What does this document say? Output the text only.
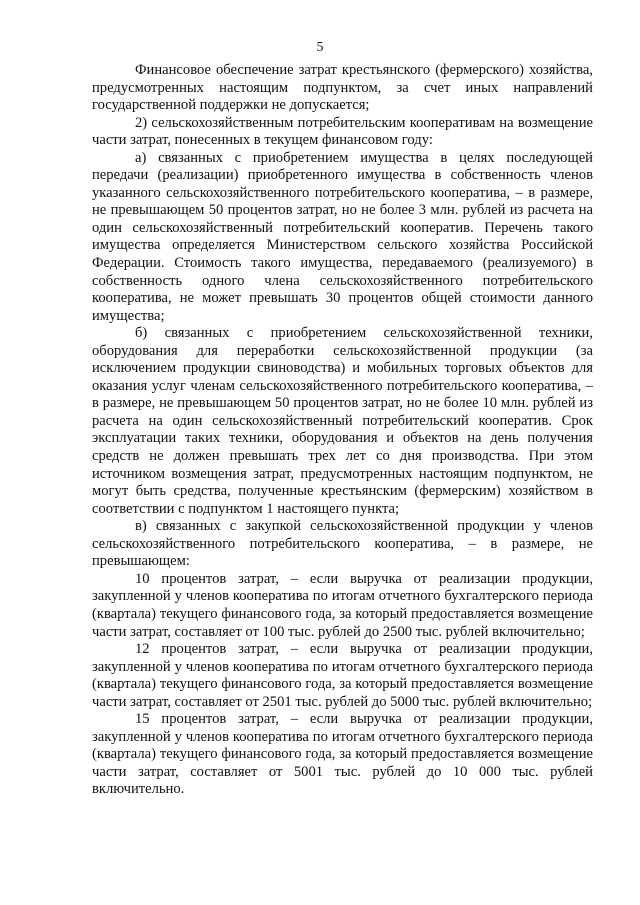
5

Финансовое обеспечение затрат крестьянского (фермерского) хозяйства, предусмотренных настоящим подпунктом, за счет иных направлений государственной поддержки не допускается;

2) сельскохозяйственным потребительским кооперативам на возмещение части затрат, понесенных в текущем финансовом году:

а) связанных с приобретением имущества в целях последующей передачи (реализации) приобретенного имущества в собственность членов указанного сельскохозяйственного потребительского кооператива, – в размере, не превышающем 50 процентов затрат, но не более 3 млн. рублей из расчета на один сельскохозяйственный потребительский кооператив. Перечень такого имущества определяется Министерством сельского хозяйства Российской Федерации. Стоимость такого имущества, передаваемого (реализуемого) в собственность одного члена сельскохозяйственного потребительского кооператива, не может превышать 30 процентов общей стоимости данного имущества;

б) связанных с приобретением сельскохозяйственной техники, оборудования для переработки сельскохозяйственной продукции (за исключением продукции свиноводства) и мобильных торговых объектов для оказания услуг членам сельскохозяйственного потребительского кооператива, – в размере, не превышающем 50 процентов затрат, но не более 10 млн. рублей из расчета на один сельскохозяйственный потребительский кооператив. Срок эксплуатации таких техники, оборудования и объектов на день получения средств не должен превышать трех лет со дня производства. При этом источником возмещения затрат, предусмотренных настоящим подпунктом, не могут быть средства, полученные крестьянским (фермерским) хозяйством в соответствии с подпунктом 1 настоящего пункта;

в) связанных с закупкой сельскохозяйственной продукции у членов сельскохозяйственного потребительского кооператива, – в размере, не превышающем:

10 процентов затрат, – если выручка от реализации продукции, закупленной у членов кооператива по итогам отчетного бухгалтерского периода (квартала) текущего финансового года, за который предоставляется возмещение части затрат, составляет от 100 тыс. рублей до 2500 тыс. рублей включительно;

12 процентов затрат, – если выручка от реализации продукции, закупленной у членов кооператива по итогам отчетного бухгалтерского периода (квартала) текущего финансового года, за который предоставляется возмещение части затрат, составляет от 2501 тыс. рублей до 5000 тыс. рублей включительно;

15 процентов затрат, – если выручка от реализации продукции, закупленной у членов кооператива по итогам отчетного бухгалтерского периода (квартала) текущего финансового года, за который предоставляется возмещение части затрат, составляет от 5001 тыс. рублей до 10 000 тыс. рублей включительно.
